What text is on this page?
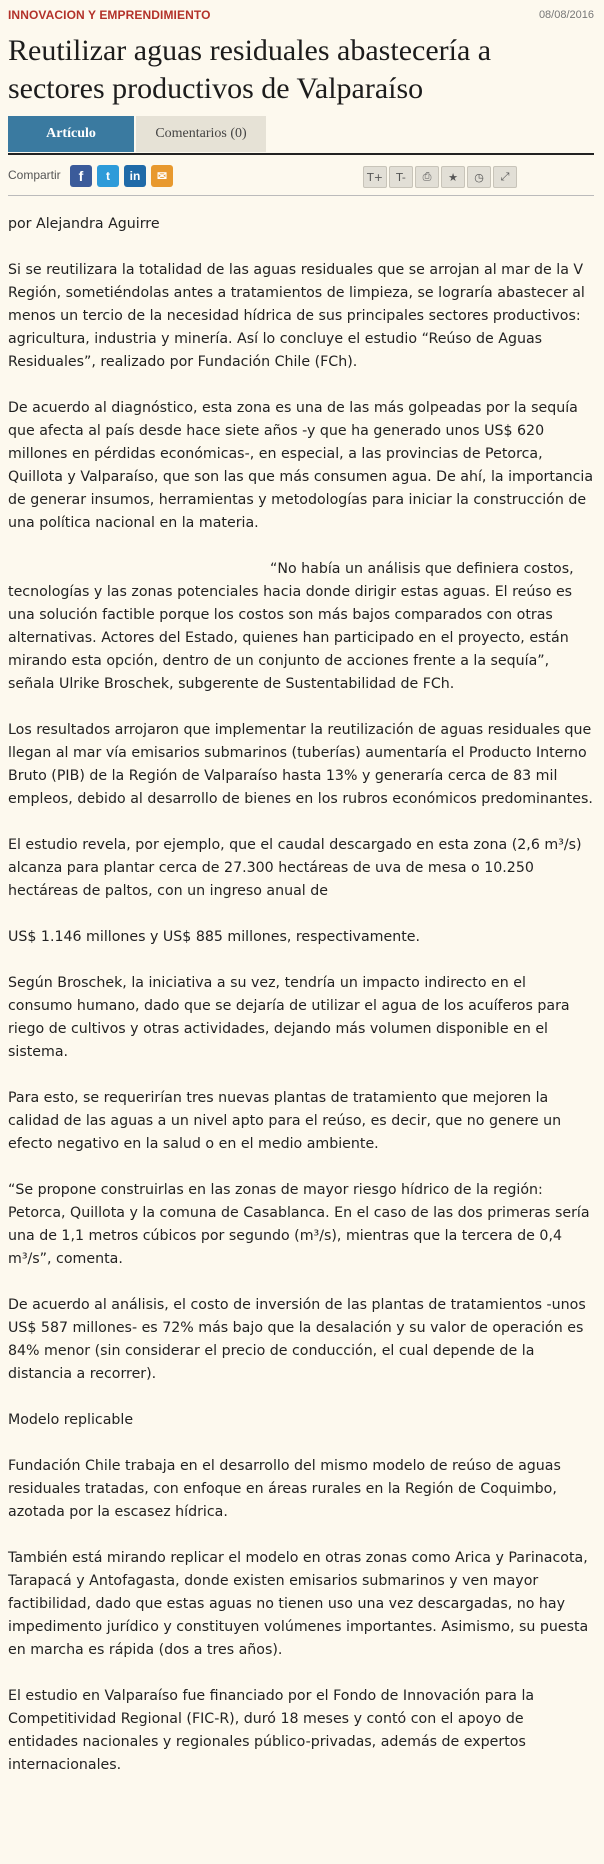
INNOVACION Y EMPRENDIMIENTO	08/08/2016
Reutilizar aguas residuales abastecería a sectores productivos de Valparaíso
Artículo	Comentarios (0)
Compartir	f	t	in	✉	T+	T-	⎙	★	◷	⤢

por Alejandra Aguirre

Si se reutilizara la totalidad de las aguas residuales que se arrojan al mar de la V Región, sometiéndolas antes a tratamientos de limpieza, se lograría abastecer al menos un tercio de la necesidad hídrica de sus principales sectores productivos: agricultura, industria y minería. Así lo concluye el estudio “Reúso de Aguas Residuales”, realizado por Fundación Chile (FCh).

De acuerdo al diagnóstico, esta zona es una de las más golpeadas por la sequía que afecta al país desde hace siete años -y que ha generado unos US$ 620 millones en pérdidas económicas-, en especial, a las provincias de Petorca, Quillota y Valparaíso, que son las que más consumen agua. De ahí, la importancia de generar insumos, herramientas y metodologías para iniciar la construcción de una política nacional en la materia.

“No había un análisis que definiera costos, tecnologías y las zonas potenciales hacia donde dirigir estas aguas. El reúso es una solución factible porque los costos son más bajos comparados con otras alternativas. Actores del Estado, quienes han participado en el proyecto, están mirando esta opción, dentro de un conjunto de acciones frente a la sequía”, señala Ulrike Broschek, subgerente de Sustentabilidad de FCh.

Los resultados arrojaron que implementar la reutilización de aguas residuales que llegan al mar vía emisarios submarinos (tuberías) aumentaría el Producto Interno Bruto (PIB) de la Región de Valparaíso hasta 13% y generaría cerca de 83 mil empleos, debido al desarrollo de bienes en los rubros económicos predominantes.

El estudio revela, por ejemplo, que el caudal descargado en esta zona (2,6 m³/s) alcanza para plantar cerca de 27.300 hectáreas de uva de mesa o 10.250 hectáreas de paltos, con un ingreso anual de

US$ 1.146 millones y US$ 885 millones, respectivamente.

Según Broschek, la iniciativa a su vez, tendría un impacto indirecto en el consumo humano, dado que se dejaría de utilizar el agua de los acuíferos para riego de cultivos y otras actividades, dejando más volumen disponible en el sistema.

Para esto, se requerirían tres nuevas plantas de tratamiento que mejoren la calidad de las aguas a un nivel apto para el reúso, es decir, que no genere un efecto negativo en la salud o en el medio ambiente.

“Se propone construirlas en las zonas de mayor riesgo hídrico de la región: Petorca, Quillota y la comuna de Casablanca. En el caso de las dos primeras sería una de 1,1 metros cúbicos por segundo (m³/s), mientras que la tercera de 0,4 m³/s”, comenta.

De acuerdo al análisis, el costo de inversión de las plantas de tratamientos -unos US$ 587 millones- es 72% más bajo que la desalación y su valor de operación es 84% menor (sin considerar el precio de conducción, el cual depende de la distancia a recorrer).

Modelo replicable

Fundación Chile trabaja en el desarrollo del mismo modelo de reúso de aguas residuales tratadas, con enfoque en áreas rurales en la Región de Coquimbo, azotada por la escasez hídrica.

También está mirando replicar el modelo en otras zonas como Arica y Parinacota, Tarapacá y Antofagasta, donde existen emisarios submarinos y ven mayor factibilidad, dado que estas aguas no tienen uso una vez descargadas, no hay impedimento jurídico y constituyen volúmenes importantes. Asimismo, su puesta en marcha es rápida (dos a tres años).

El estudio en Valparaíso fue financiado por el Fondo de Innovación para la Competitividad Regional (FIC-R), duró 18 meses y contó con el apoyo de entidades nacionales y regionales público-privadas, además de expertos internacionales. ￼
